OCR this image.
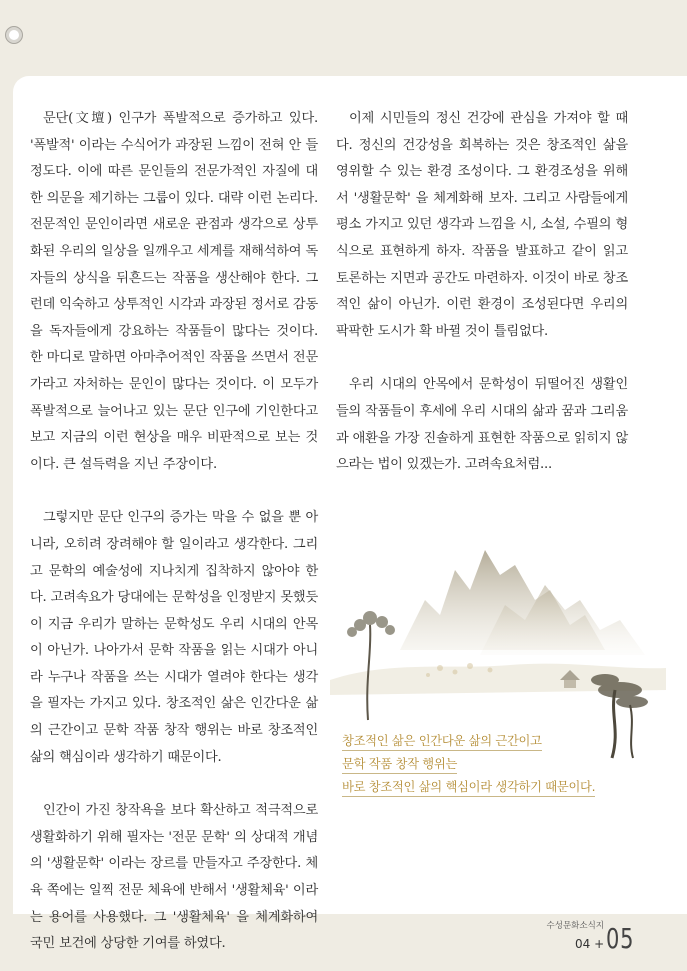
문단(文壇) 인구가 폭발적으로 증가하고 있다. '폭발적' 이라는 수식어가 과장된 느낌이 전혀 안 들 정도다. 이에 따른 문인들의 전문가적인 자질에 대한 의문을 제기하는 그룹이 있다. 대략 이런 논리다. 전문적인 문인이라면 새로운 관점과 생각으로 상투화된 우리의 일상을 일깨우고 세계를 재해석하여 독자들의 상식을 뒤흔드는 작품을 생산해야 한다. 그런데 익숙하고 상투적인 시각과 과장된 정서로 감동을 독자들에게 강요하는 작품들이 많다는 것이다. 한 마디로 말하면 아마추어적인 작품을 쓰면서 전문가라고 자처하는 문인이 많다는 것이다. 이 모두가 폭발적으로 늘어나고 있는 문단 인구에 기인한다고 보고 지금의 이런 현상을 매우 비판적으로 보는 것이다. 큰 설득력을 지닌 주장이다.

그렇지만 문단 인구의 증가는 막을 수 없을 뿐 아니라, 오히려 장려해야 할 일이라고 생각한다. 그리고 문학의 예술성에 지나치게 집착하지 않아야 한다. 고려속요가 당대에는 문학성을 인정받지 못했듯이 지금 우리가 말하는 문학성도 우리 시대의 안목이 아닌가. 나아가서 문학 작품을 읽는 시대가 아니라 누구나 작품을 쓰는 시대가 열려야 한다는 생각을 필자는 가지고 있다. 창조적인 삶은 인간다운 삶의 근간이고 문학 작품 창작 행위는 바로 창조적인 삶의 핵심이라 생각하기 때문이다.

인간이 가진 창작욕을 보다 확산하고 적극적으로 생활화하기 위해 필자는 '전문 문학' 의 상대적 개념의 '생활문학' 이라는 장르를 만들자고 주장한다. 체육 쪽에는 일찍 전문 체육에 반해서 '생활체육' 이라는 용어를 사용했다. 그 '생활체육' 을 체계화하여 국민 보건에 상당한 기여를 하였다.

이제 시민들의 정신 건강에 관심을 가져야 할 때다. 정신의 건강성을 회복하는 것은 창조적인 삶을 영위할 수 있는 환경 조성이다. 그 환경조성을 위해서 '생활문학' 을 체계화해 보자. 그리고 사람들에게 평소 가지고 있던 생각과 느낌을 시, 소설, 수필의 형식으로 표현하게 하자. 작품을 발표하고 같이 읽고 토론하는 지면과 공간도 마련하자. 이것이 바로 창조적인 삶이 아닌가. 이런 환경이 조성된다면 우리의 팍팍한 도시가 확 바뀔 것이 틀림없다.

우리 시대의 안목에서 문학성이 뒤떨어진 생활인들의 작품들이 후세에 우리 시대의 삶과 꿈과 그리움과 애환을 가장 진솔하게 표현한 작품으로 읽히지 않으라는 법이 있겠는가. 고려속요처럼...

창조적인 삶은 인간다운 삶의 근간이고
문학 작품 창작 행위는
바로 창조적인 삶의 핵심이라 생각하기 때문이다.
수성문화소식지
04 + 05
